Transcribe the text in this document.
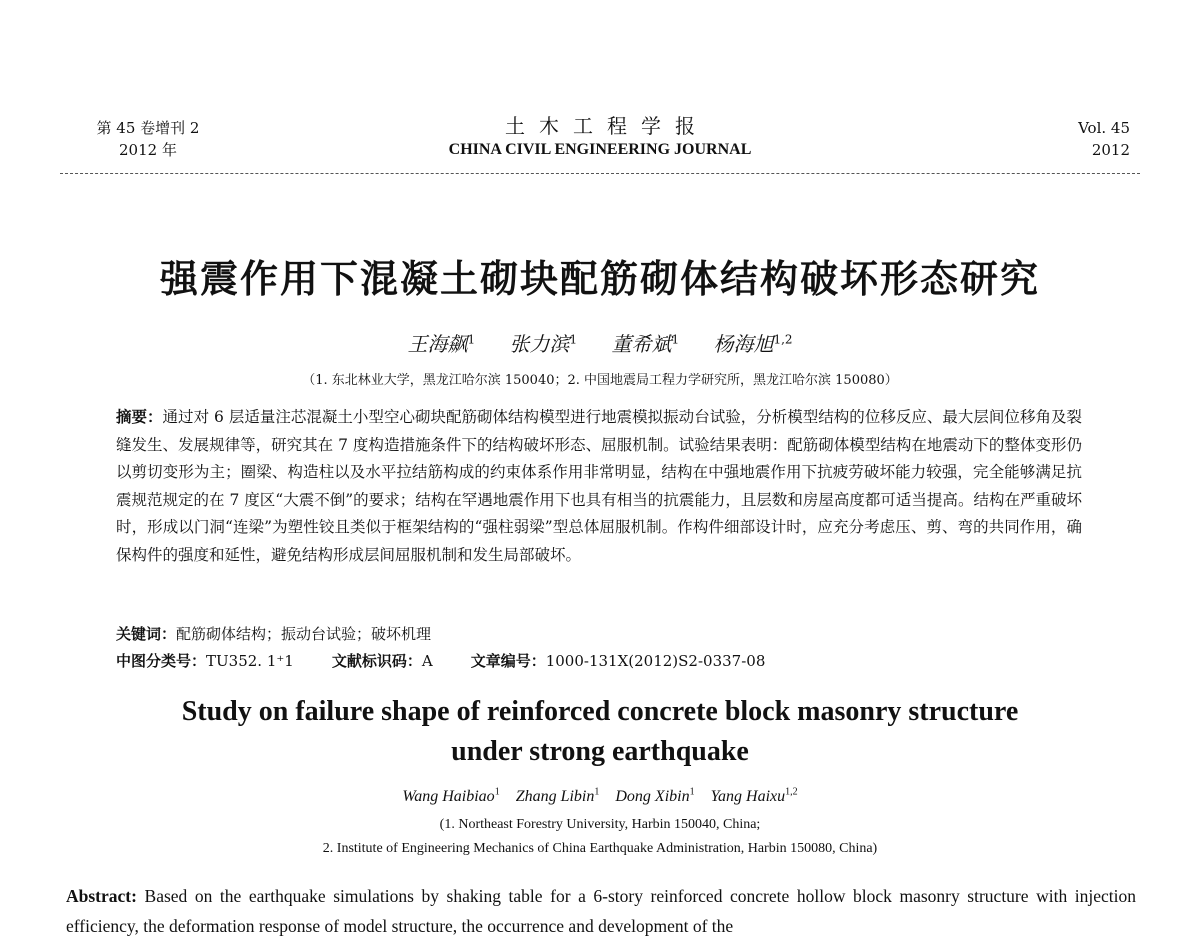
第 45 卷增刊 2
2012 年
土木工程学报
CHINA CIVIL ENGINEERING JOURNAL
Vol. 45
2012
强震作用下混凝土砌块配筋砌体结构破坏形态研究
王海飙$^1$ 张力滨$^1$ 董希斌$^1$ 杨海旭$^{1,2}$
（1. 东北林业大学，黑龙江哈尔滨 150040；2. 中国地震局工程力学研究所，黑龙江哈尔滨 150080）
摘要：通过对 6 层适量注芯混凝土小型空心砌块配筋砌体结构模型进行地震模拟振动台试验，分析模型结构的位移反应、最大层间位移角及裂缝发生、发展规律等，研究其在 7 度构造措施条件下的结构破坏形态、屈服机制。试验结果表明：配筋砌体模型结构在地震动下的整体变形仍以剪切变形为主；圈梁、构造柱以及水平拉结筋构成的约束体系作用非常明显，结构在中强地震作用下抗疲劳破坏能力较强，完全能够满足抗震规范规定的在 7 度区“大震不倒”的要求；结构在罕遇地震作用下也具有相当的抗震能力，且层数和房屋高度都可适当提高。结构在严重破坏时，形成以门洞“连梁”为塑性铰且类似于框架结构的“强柱弱梁”型总体屈服机制。作构件细部设计时，应充分考虑压、剪、弯的共同作用，确保构件的强度和延性，避免结构形成层间屈服机制和发生局部破坏。
关键词：配筋砌体结构；振动台试验；破坏机理
中图分类号：TU352. 1⁺1	文献标识码：A	文章编号：1000-131X(2012)S2-0337-08
Study on failure shape of reinforced concrete block masonry structure
under strong earthquake
Wang Haibiao$^1$ Zhang Libin$^1$ Dong Xibin$^1$ Yang Haixu$^{1,2}$
(1. Northeast Forestry University, Harbin 150040, China;
2. Institute of Engineering Mechanics of China Earthquake Administration, Harbin 150080, China)
Abstract: Based on the earthquake simulations by shaking table for a 6-story reinforced concrete hollow block masonry structure with injection efficiency, the deformation response of model structure, the occurrence and development of the
